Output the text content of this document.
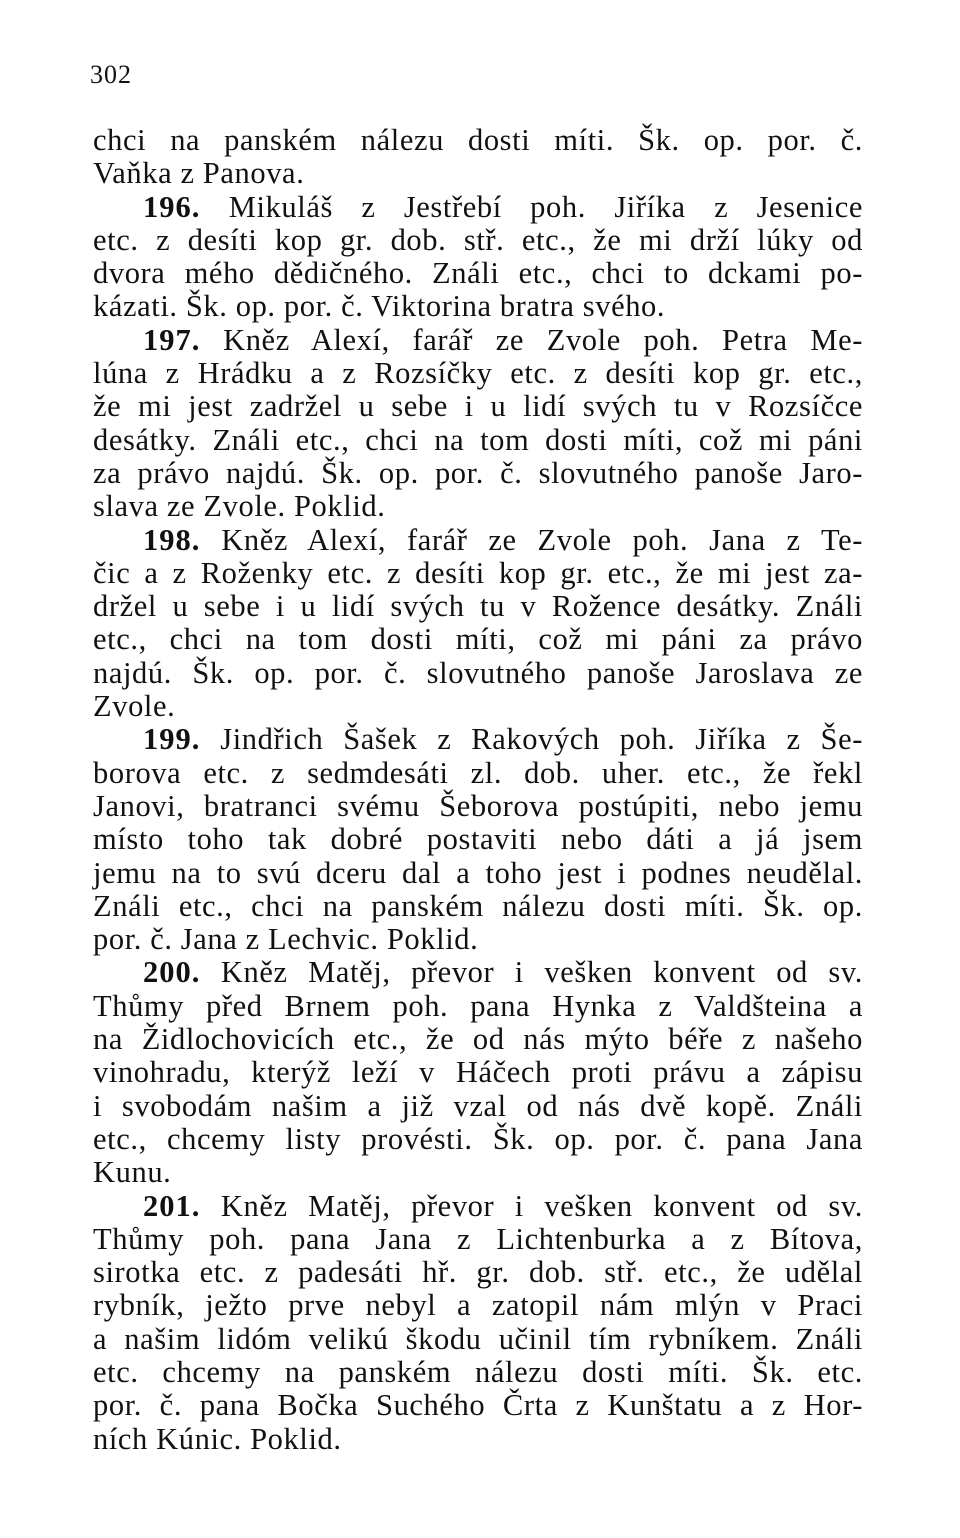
302

chci na panském nálezu dosti míti. Šk. op. por. č.
Vaňka z Panova.
196. Mikuláš z Jestřebí poh. Jiříka z Jesenice
etc. z desíti kop gr. dob. stř. etc., že mi drží lúky od
dvora mého dědičného. Ználi etc., chci to dckami po-
kázati. Šk. op. por. č. Viktorina bratra svého.
197. Kněz Alexí, farář ze Zvole poh. Petra Me-
lúna z Hrádku a z Rozsíčky etc. z desíti kop gr. etc.,
že mi jest zadržel u sebe i u lidí svých tu v Rozsíčce
desátky. Ználi etc., chci na tom dosti míti, což mi páni
za právo najdú. Šk. op. por. č. slovutného panoše Jaro-
slava ze Zvole. Poklid.
198. Kněz Alexí, farář ze Zvole poh. Jana z Te-
čic a z Roženky etc. z desíti kop gr. etc., že mi jest za-
držel u sebe i u lidí svých tu v Rožence desátky. Ználi
etc., chci na tom dosti míti, což mi páni za právo
najdú. Šk. op. por. č. slovutného panoše Jaroslava ze
Zvole.
199. Jindřich Šašek z Rakových poh. Jiříka z Še-
borova etc. z sedmdesáti zl. dob. uher. etc., že řekl
Janovi, bratranci svému Šeborova postúpiti, nebo jemu
místo toho tak dobré postaviti nebo dáti a já jsem
jemu na to svú dceru dal a toho jest i podnes neudělal.
Ználi etc., chci na panském nálezu dosti míti. Šk. op.
por. č. Jana z Lechvic. Poklid.
200. Kněz Matěj, převor i vešken konvent od sv.
Thůmy před Brnem poh. pana Hynka z Valdšteina a
na Židlochovicích etc., že od nás mýto béře z našeho
vinohradu, kterýž leží v Háčech proti právu a zápisu
i svobodám našim a již vzal od nás dvě kopě. Ználi
etc., chcemy listy provésti. Šk. op. por. č. pana Jana
Kunu.
201. Kněz Matěj, převor i vešken konvent od sv.
Thůmy poh. pana Jana z Lichtenburka a z Bítova,
sirotka etc. z padesáti hř. gr. dob. stř. etc., že udělal
rybník, ježto prve nebyl a zatopil nám mlýn v Praci
a našim lidóm velikú škodu učinil tím rybníkem. Ználi
etc. chcemy na panském nálezu dosti míti. Šk. etc.
por. č. pana Bočka Suchého Črta z Kunštatu a z Hor-
ních Kúnic. Poklid.
